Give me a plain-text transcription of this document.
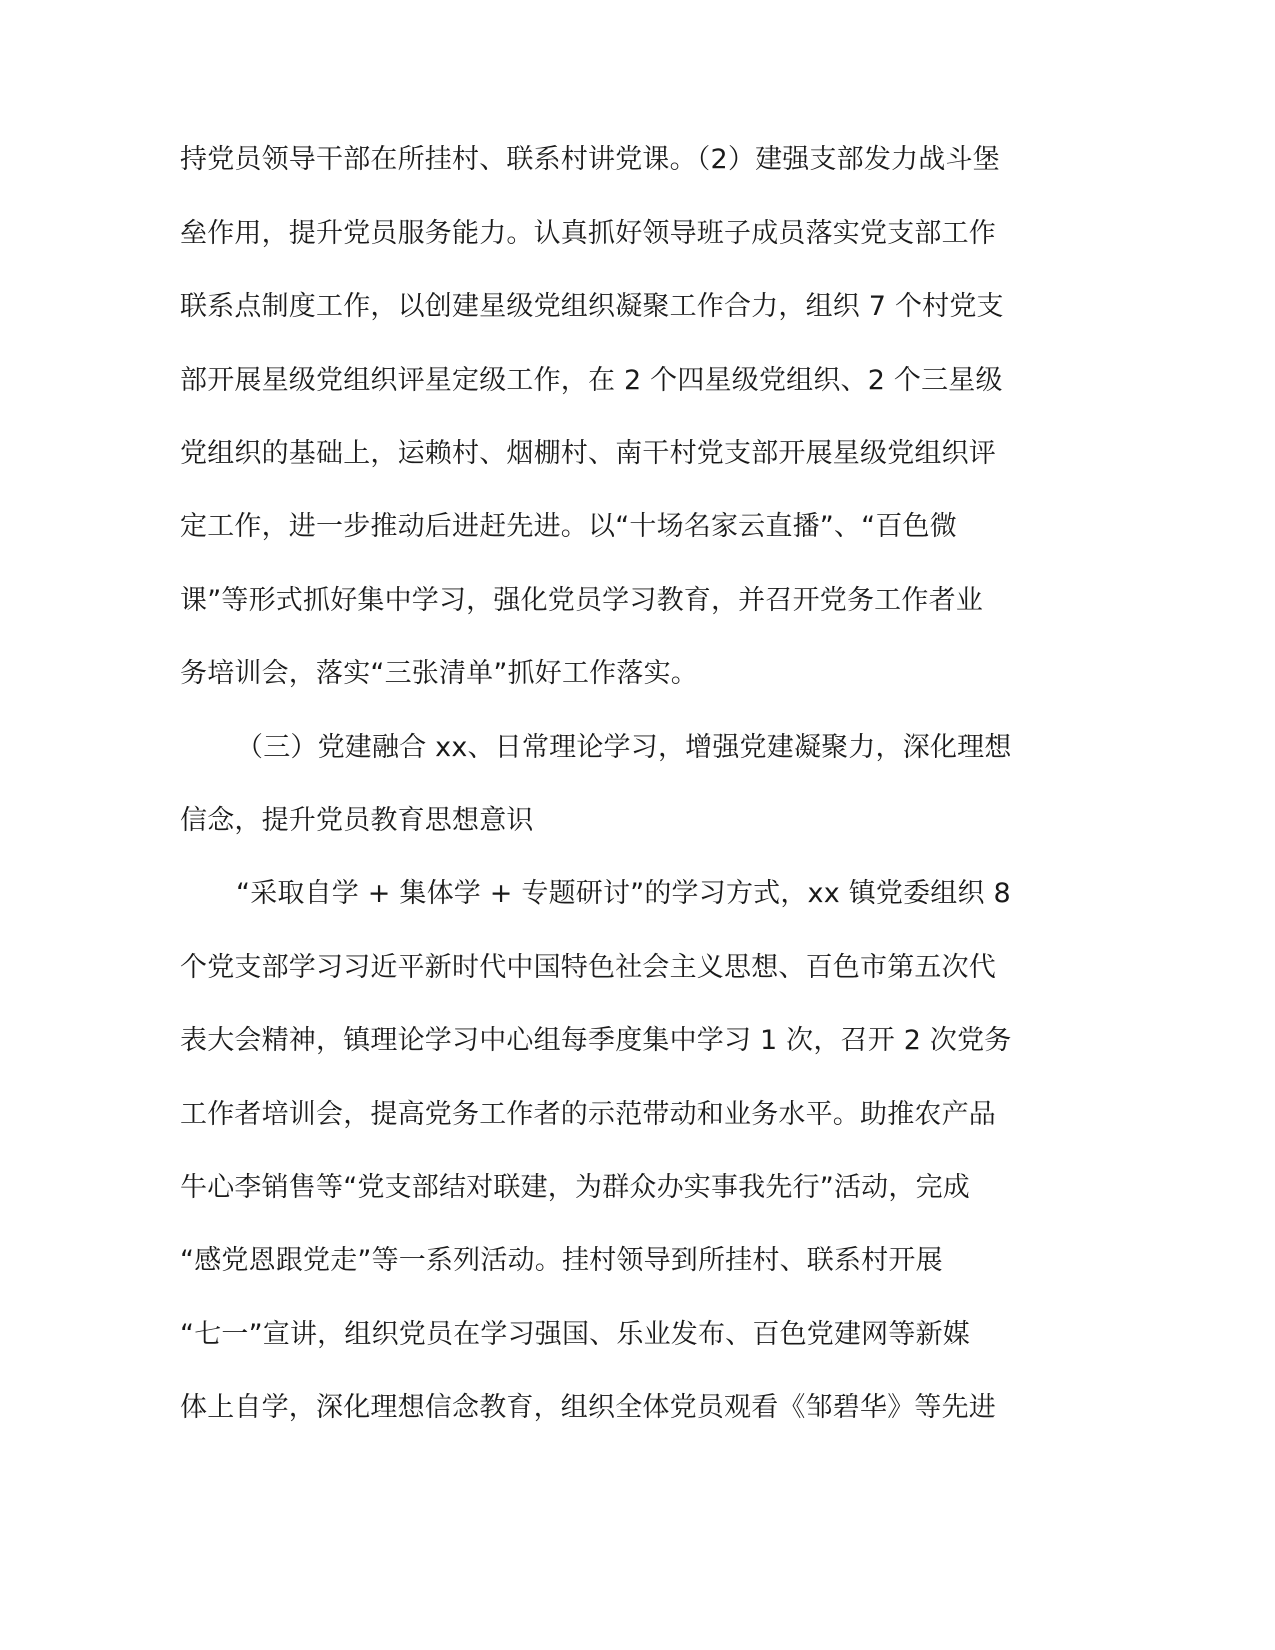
持党员领导干部在所挂村、联系村讲党课。（2）建强支部发力战斗堡
垒作用，提升党员服务能力。认真抓好领导班子成员落实党支部工作
联系点制度工作，以创建星级党组织凝聚工作合力，组织 7 个村党支
部开展星级党组织评星定级工作，在 2 个四星级党组织、2 个三星级
党组织的基础上，运赖村、烟棚村、南干村党支部开展星级党组织评
定工作，进一步推动后进赶先进。以“十场名家云直播”、“百色微
课”等形式抓好集中学习，强化党员学习教育，并召开党务工作者业
务培训会，落实“三张清单”抓好工作落实。
（三）党建融合 xx、日常理论学习，增强党建凝聚力，深化理想
信念，提升党员教育思想意识
“采取自学 + 集体学 + 专题研讨”的学习方式，xx 镇党委组织 8
个党支部学习习近平新时代中国特色社会主义思想、百色市第五次代
表大会精神，镇理论学习中心组每季度集中学习 1 次，召开 2 次党务
工作者培训会，提高党务工作者的示范带动和业务水平。助推农产品
牛心李销售等“党支部结对联建，为群众办实事我先行”活动，完成
“感党恩跟党走”等一系列活动。挂村领导到所挂村、联系村开展
“七一”宣讲，组织党员在学习强国、乐业发布、百色党建网等新媒
体上自学，深化理想信念教育，组织全体党员观看《邹碧华》等先进
